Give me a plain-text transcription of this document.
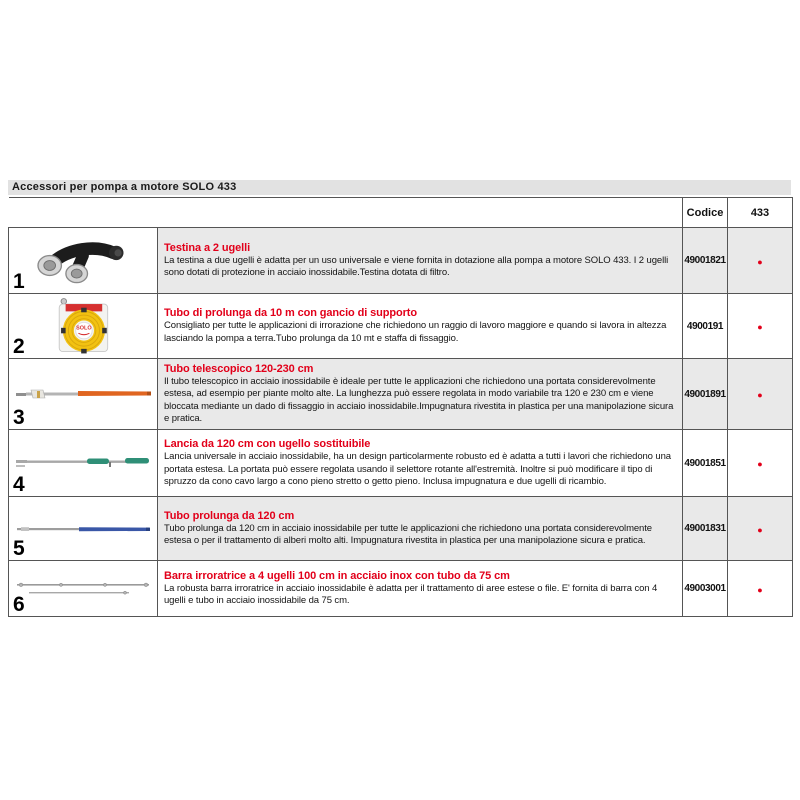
Accessori per pompa a motore SOLO 433
		Codice	433

1	Testina a 2 ugelli
La testina a due ugelli è adatta per un uso universale e viene fornita in dotazione alla pompa a motore SOLO 433. I 2 ugelli sono dotati di protezione in acciaio inossidabile.Testina dotata di filtro.	49001821	●

2
SOLO

Tubo di prolunga da 10 m con gancio di supporto
Consigliato per tutte le applicazioni di irrorazione che richiedono un raggio di lavoro maggiore e quando si lavora in altezza lasciando la pompa a terra.Tubo prolunga da 10 mt e staffa di fissaggio.
	4900191	●

3	Tubo telescopico 120-230 cm
Il tubo telescopico in acciaio inossidabile è ideale per tutte le applicazioni che richiedono una portata considerevolmente estesa, ad esempio per piante molto alte. La lunghezza può essere regolata in modo variabile tra 120 e 230 cm e viene bloccata mediante un dado di fissaggio in acciaio inossidabile.Impugnatura rivestita in plastica per una manipolazione sicura e pratica.	49001891	●

4	Lancia da 120 cm con ugello sostituibile
Lancia universale in acciaio inossidabile, ha un design particolarmente robusto ed è adatta a tutti i lavori che richiedono una portata estesa. La portata può essere regolata usando il selettore rotante all'estremità. Inoltre si può modificare il tipo di spruzzo da cono cavo largo a cono pieno stretto o getto pieno. Inclusa impugnatura e due ugelli di ricambio.	49001851	●

5	Tubo prolunga da 120 cm
Tubo prolunga da 120 cm in acciaio inossidabile per tutte le applicazioni che richiedono una portata considerevolmente estesa o per il trattamento di alberi molto alti. Impugnatura rivestita in plastica per una manipolazione sicura e pratica.	49001831	●

6	Barra irroratrice a 4 ugelli 100 cm in acciaio inox con tubo da 75 cm
La robusta barra irroratrice in acciaio inossidabile è adatta per il trattamento di aree estese o file. E' fornita di barra con 4 ugelli e tubo in acciaio inossidabile da 75 cm.	49003001	●
